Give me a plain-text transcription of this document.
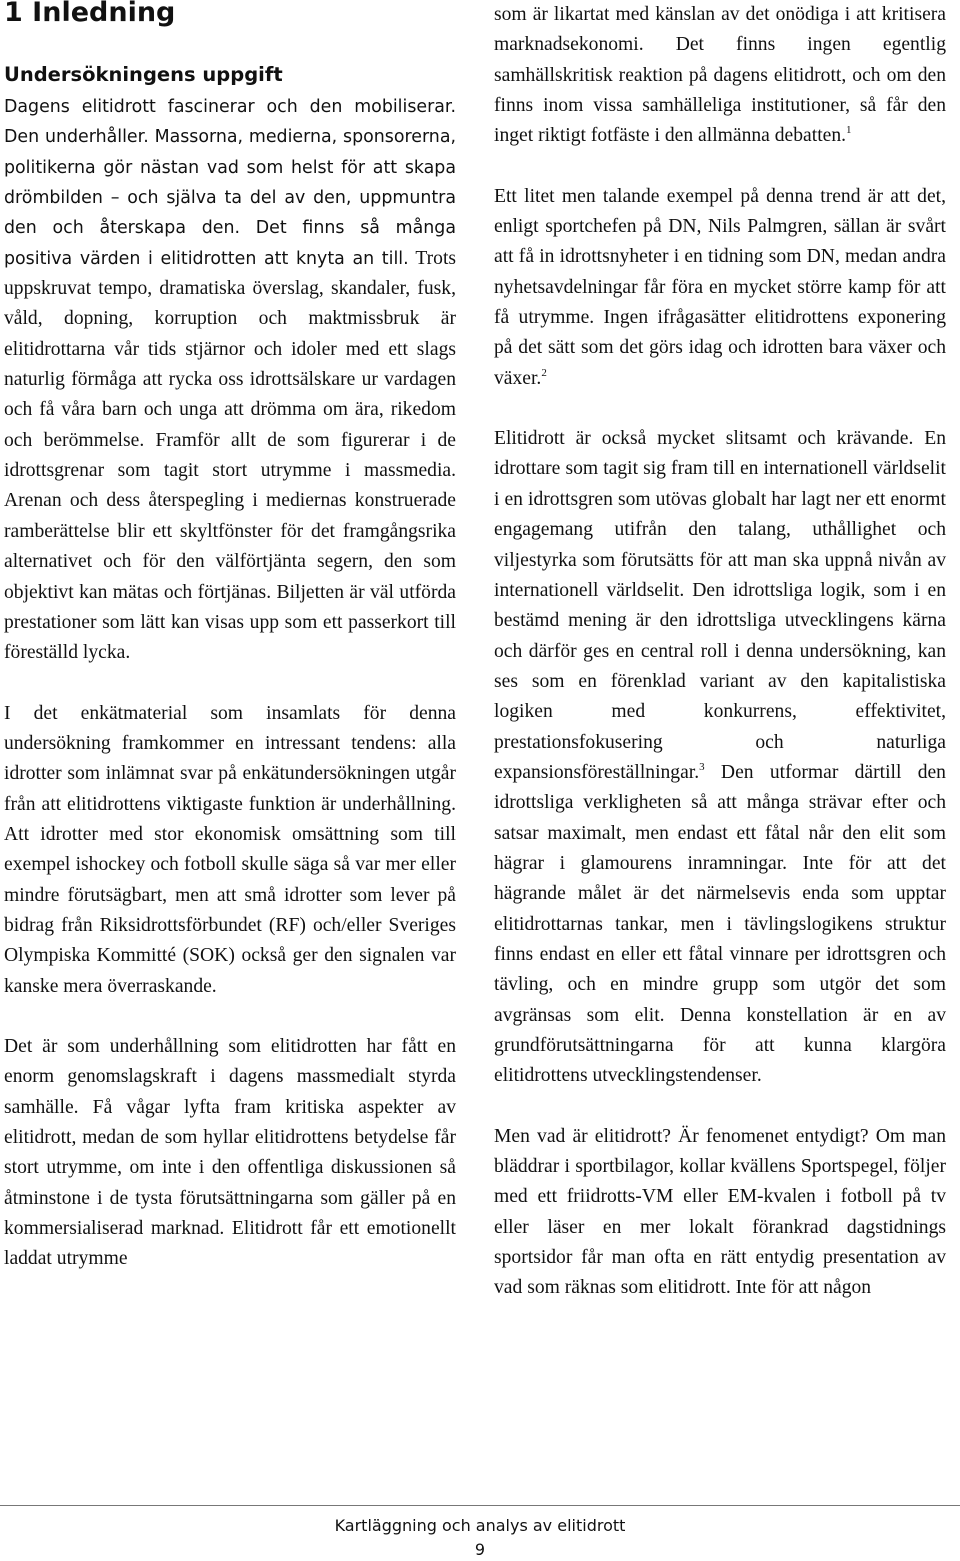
1 Inledning
Undersökningens uppgift

Dagens elitidrott fascinerar och den mobiliserar. Den underhåller. Massorna, medierna, sponsorerna, politikerna gör nästan vad som helst för att skapa drömbilden – och själva ta del av den, uppmuntra den och återskapa den. Det finns så många positiva värden i elitidrotten att knyta an till. Trots uppskruvat tempo, dramatiska överslag, skandaler, fusk, våld, dopning, korruption och maktmissbruk är elitidrottarna vår tids stjärnor och idoler med ett slags naturlig förmåga att rycka oss idrottsälskare ur vardagen och få våra barn och unga att drömma om ära, rikedom och berömmelse. Framför allt de som figurerar i de idrottsgrenar som tagit stort utrymme i massmedia. Arenan och dess återspegling i mediernas konstruerade ramberättelse blir ett skyltfönster för det framgångsrika alternativet och för den välförtjänta segern, den som objektivt kan mätas och förtjänas. Biljetten är väl utförda prestationer som lätt kan visas upp som ett passerkort till föreställd lycka.

I det enkätmaterial som insamlats för denna undersökning framkommer en intressant tendens: alla idrotter som inlämnat svar på enkätundersökningen utgår från att elitidrottens viktigaste funktion är underhållning. Att idrotter med stor ekonomisk omsättning som till exempel ishockey och fotboll skulle säga så var mer eller mindre förutsägbart, men att små idrotter som lever på bidrag från Riksidrottsförbundet (RF) och/eller Sveriges Olympiska Kommitté (SOK) också ger den signalen var kanske mera överraskande.

Det är som underhållning som elitidrotten har fått en enorm genomslagskraft i dagens massmedialt styrda samhälle. Få vågar lyfta fram kritiska aspekter av elitidrott, medan de som hyllar elitidrottens betydelse får stort utrymme, om inte i den offentliga diskussionen så åtminstone i de tysta förutsättningarna som gäller på en kommersialiserad marknad. Elitidrott får ett emotionellt laddat utrymme

som är likartat med känslan av det onödiga i att kritisera marknadsekonomi. Det finns ingen egentlig samhällskritisk reaktion på dagens elitidrott, och om den finns inom vissa samhälleliga institutioner, så får den inget riktigt fotfäste i den allmänna debatten.$^1$

Ett litet men talande exempel på denna trend är att det, enligt sportchefen på DN, Nils Palmgren, sällan är svårt att få in idrottsnyheter i en tidning som DN, medan andra nyhetsavdelningar får föra en mycket större kamp för att få utrymme. Ingen ifrågasätter elitidrottens exponering på det sätt som det görs idag och idrotten bara växer och växer.$^2$

Elitidrott är också mycket slitsamt och krävande. En idrottare som tagit sig fram till en internationell världselit i en idrottsgren som utövas globalt har lagt ner ett enormt engagemang utifrån den talang, uthållighet och viljestyrka som förutsätts för att man ska uppnå nivån av internationell världselit. Den idrottsliga logik, som i en bestämd mening är den idrottsliga utvecklingens kärna och därför ges en central roll i denna undersökning, kan ses som en förenklad variant av den kapitalistiska logiken med konkurrens, effektivitet, prestationsfokusering och naturliga expansionsföreställningar.$^3$ Den utformar därtill den idrottsliga verkligheten så att många strävar efter och satsar maximalt, men endast ett fåtal når den elit som hägrar i glamourens inramningar. Inte för att det hägrande målet är det närmelsevis enda som upptar elitidrottarnas tankar, men i tävlingslogikens struktur finns endast en eller ett fåtal vinnare per idrottsgren och tävling, och en mindre grupp som utgör det som avgränsas som elit. Denna konstellation är en av grundförutsättningarna för att kunna klargöra elitidrottens utvecklingstendenser.

Men vad är elitidrott? Är fenomenet entydigt? Om man bläddrar i sportbilagor, kollar kvällens Sportspegel, följer med ett friidrotts-VM eller EM-kvalen i fotboll på tv eller läser en mer lokalt förankrad dagstidnings sportsidor får man ofta en rätt entydig presentation av vad som räknas som elitidrott. Inte för att någon

Kartläggning och analys av elitidrott
9
